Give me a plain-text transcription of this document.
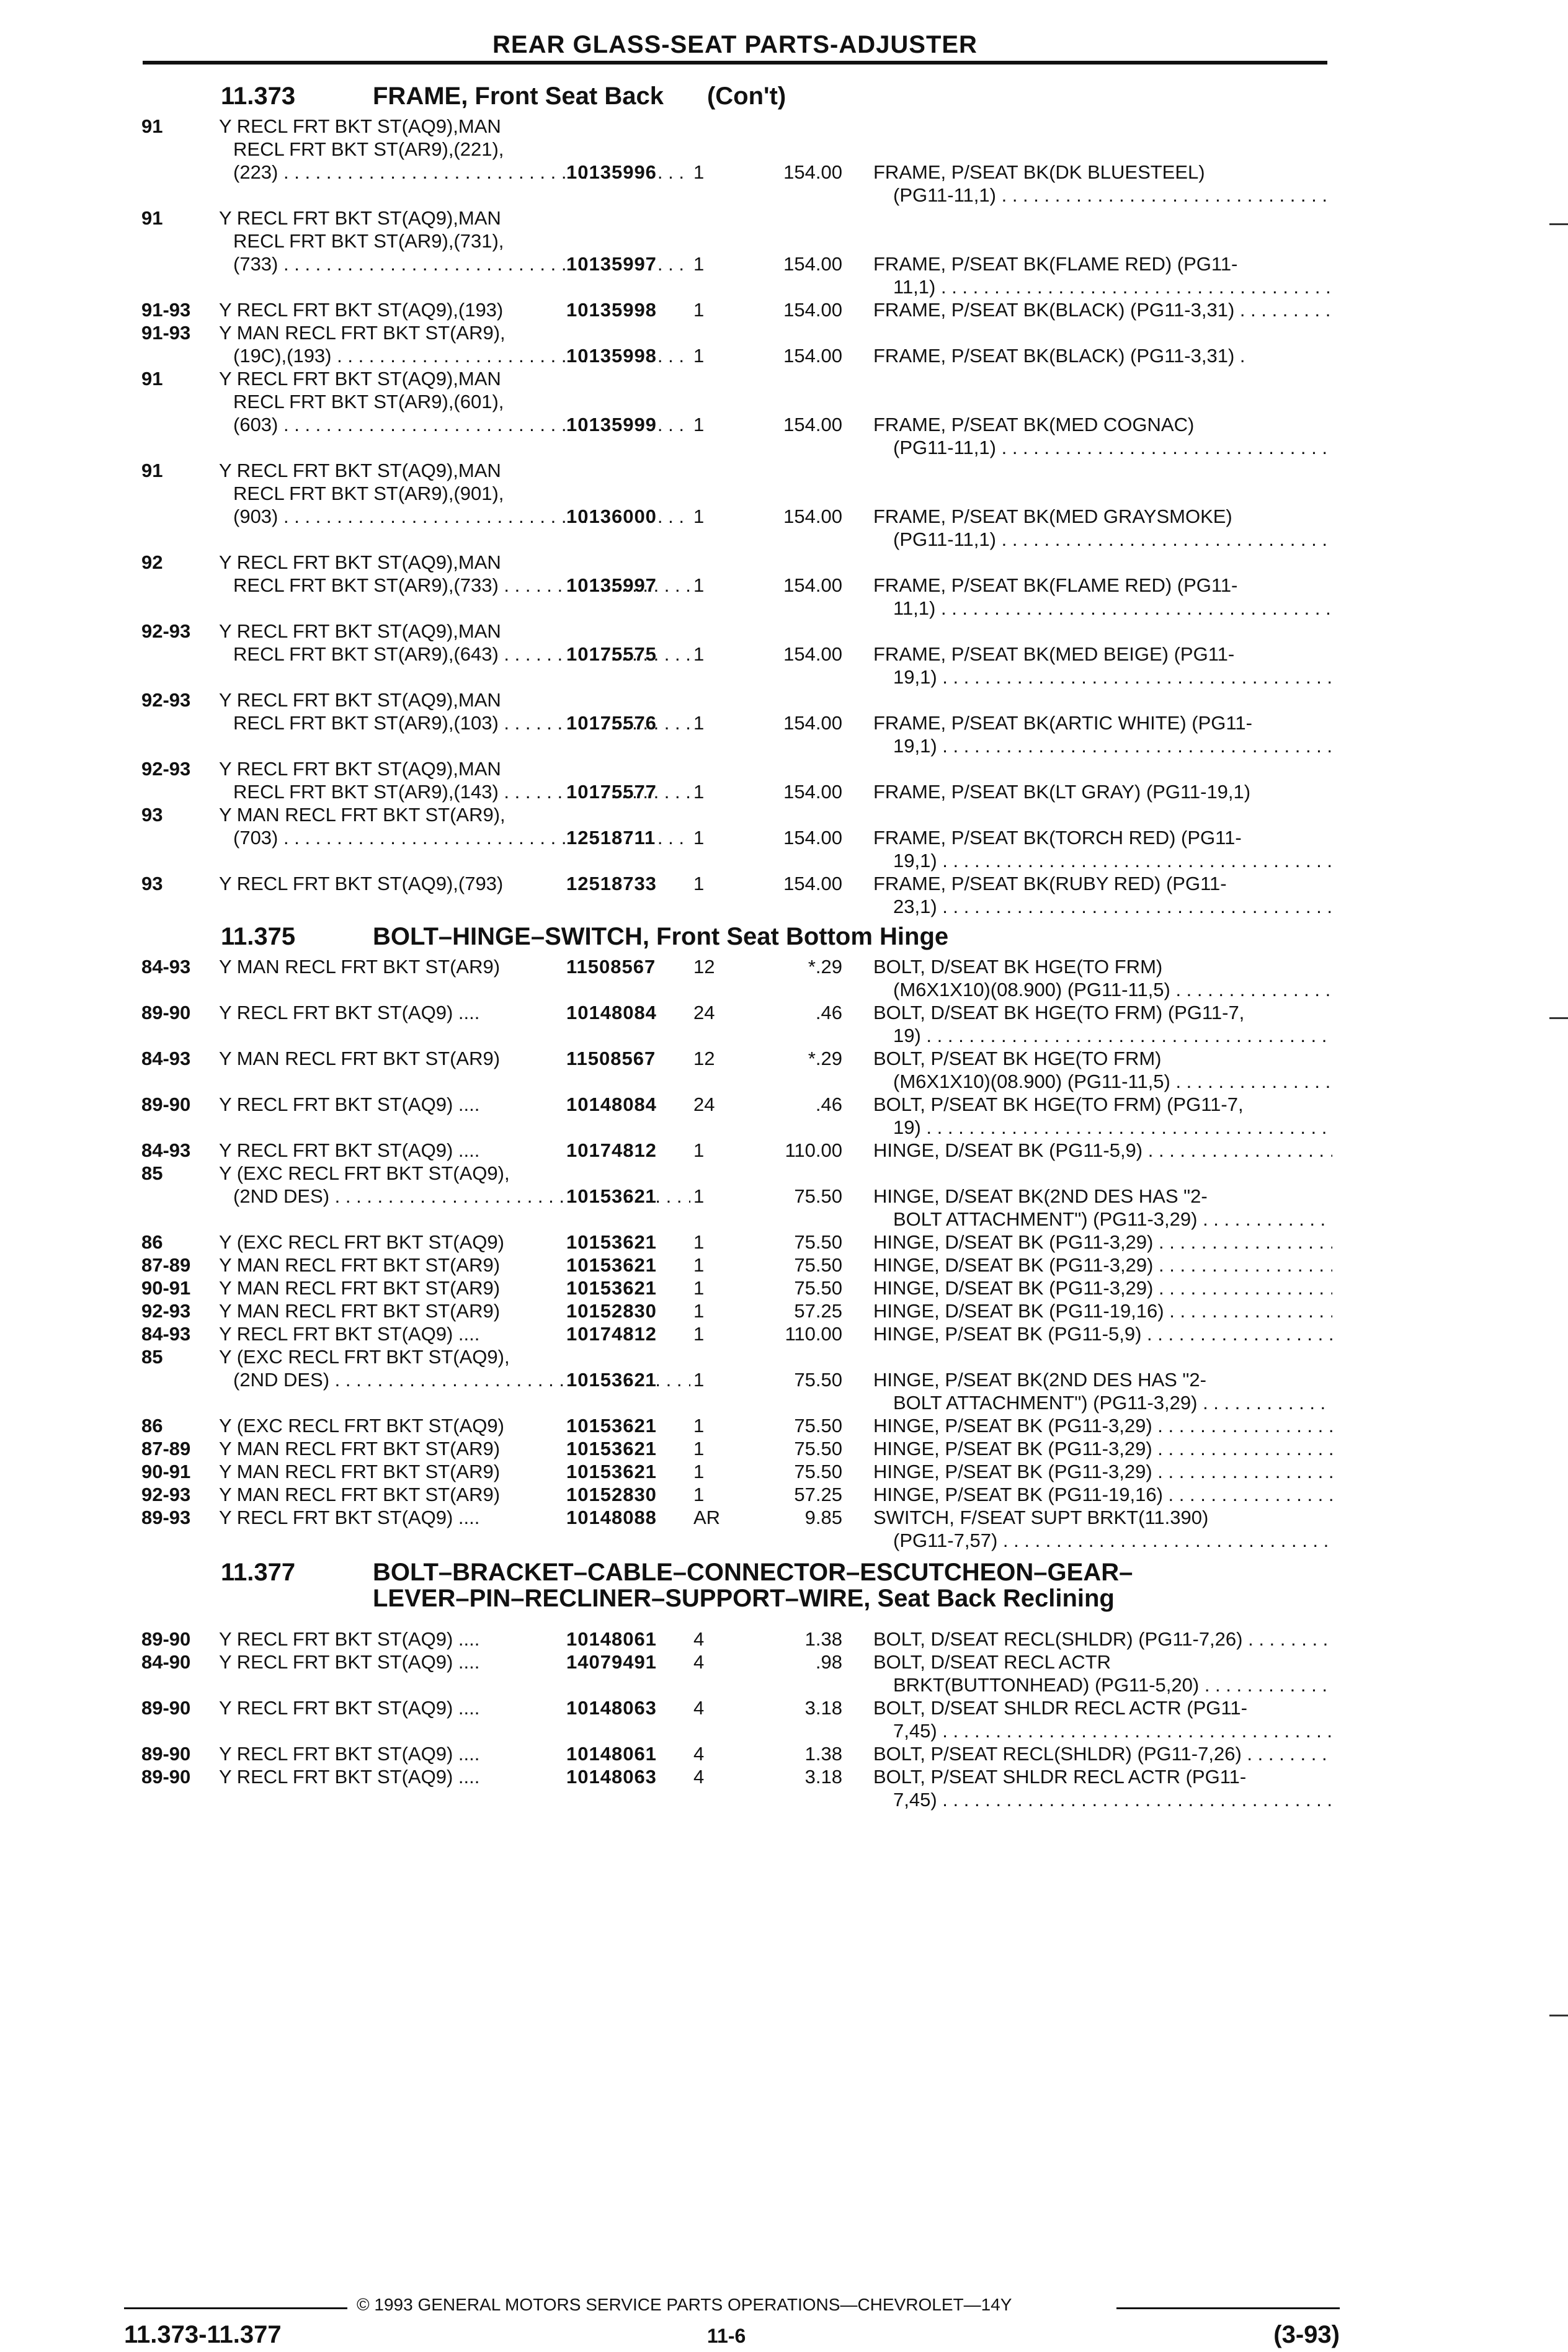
REAR GLASS-SEAT PARTS-ADJUSTER
11.373	FRAME, Front Seat Back (Con't)
91	Y RECL FRT BKT ST(AQ9),MAN
RECL FRT BKT ST(AR9),(221),
(223) . . .	10135996 1	154.00 FRAME, P/SEAT BK(DK BLUESTEEL)
(PG11-11,1) . . .
91	Y RECL FRT BKT ST(AQ9),MAN
RECL FRT BKT ST(AR9),(731),
(733) . . .	10135997 1	154.00 FRAME, P/SEAT BK(FLAME RED) (PG11-
11,1) . . .
91-93 Y RECL FRT BKT ST(AQ9),(193)	10135998 1	154.00 FRAME, P/SEAT BK(BLACK) (PG11-3,31) . . . .
91-93 Y MAN RECL FRT BKT ST(AR9),
(19C),(193) . . .	10135998 1	154.00 FRAME, P/SEAT BK(BLACK) (PG11-3,31) .
91	Y RECL FRT BKT ST(AQ9),MAN
RECL FRT BKT ST(AR9),(601),
(603) . . .	10135999 1	154.00 FRAME, P/SEAT BK(MED COGNAC)
(PG11-11,1) . . .
91	Y RECL FRT BKT ST(AQ9),MAN
RECL FRT BKT ST(AR9),(901),
(903) . . .	10136000 1	154.00 FRAME, P/SEAT BK(MED GRAYSMOKE)
(PG11-11,1) . . .
92	Y RECL FRT BKT ST(AQ9),MAN
RECL FRT BKT ST(AR9),(733) . . .	10135997 1	154.00 FRAME, P/SEAT BK(FLAME RED) (PG11-
11,1) . . .
92-93 Y RECL FRT BKT ST(AQ9),MAN
RECL FRT BKT ST(AR9),(643) . . .	10175575 1	154.00 FRAME, P/SEAT BK(MED BEIGE) (PG11-
19,1) . . .
92-93 Y RECL FRT BKT ST(AQ9),MAN
RECL FRT BKT ST(AR9),(103) . . .	10175576 1	154.00 FRAME, P/SEAT BK(ARTIC WHITE) (PG11-
19,1) . . .
92-93 Y RECL FRT BKT ST(AQ9),MAN
RECL FRT BKT ST(AR9),(143) . . .	10175577 1	154.00 FRAME, P/SEAT BK(LT GRAY) (PG11-19,1)
93	Y MAN RECL FRT BKT ST(AR9),
(703) . . .	12518711 1	154.00 FRAME, P/SEAT BK(TORCH RED) (PG11-
19,1) . . .
93	Y RECL FRT BKT ST(AQ9),(793)	12518733 1	154.00 FRAME, P/SEAT BK(RUBY RED) (PG11-
23,1) . . .
11.375	BOLT–HINGE–SWITCH, Front Seat Bottom Hinge
84-93 Y MAN RECL FRT BKT ST(AR9)	11508567 12	*.29 BOLT, D/SEAT BK HGE(TO FRM)
(M6X1X10)(08.900) (PG11-11,5) . . .
89-90 Y RECL FRT BKT ST(AQ9) ....	10148084 24	.46 BOLT, D/SEAT BK HGE(TO FRM) (PG11-7,
19) . . .
84-93 Y MAN RECL FRT BKT ST(AR9)	11508567 12	*.29 BOLT, P/SEAT BK HGE(TO FRM)
(M6X1X10)(08.900) (PG11-11,5) . . .
89-90 Y RECL FRT BKT ST(AQ9) ....	10148084 24	.46 BOLT, P/SEAT BK HGE(TO FRM) (PG11-7,
19) . . .
84-93 Y RECL FRT BKT ST(AQ9) ....	10174812 1	110.00 HINGE, D/SEAT BK (PG11-5,9) . . .
85	Y (EXC RECL FRT BKT ST(AQ9),
(2ND DES) . . .	10153621 1	75.50 HINGE, D/SEAT BK(2ND DES HAS "2-
BOLT ATTACHMENT") (PG11-3,29) . . .
86	Y (EXC RECL FRT BKT ST(AQ9)	10153621 1	75.50 HINGE, D/SEAT BK (PG11-3,29) . . .
87-89 Y MAN RECL FRT BKT ST(AR9)	10153621 1	75.50 HINGE, D/SEAT BK (PG11-3,29) . . .
90-91 Y MAN RECL FRT BKT ST(AR9)	10153621 1	75.50 HINGE, D/SEAT BK (PG11-3,29) . . .
92-93 Y MAN RECL FRT BKT ST(AR9)	10152830 1	57.25 HINGE, D/SEAT BK (PG11-19,16) . . .
84-93 Y RECL FRT BKT ST(AQ9) ....	10174812 1	110.00 HINGE, P/SEAT BK (PG11-5,9) . . .
85	Y (EXC RECL FRT BKT ST(AQ9),
(2ND DES) . . .	10153621 1	75.50 HINGE, P/SEAT BK(2ND DES HAS "2-
BOLT ATTACHMENT") (PG11-3,29) . . .
86	Y (EXC RECL FRT BKT ST(AQ9)	10153621 1	75.50 HINGE, P/SEAT BK (PG11-3,29) . . .
87-89 Y MAN RECL FRT BKT ST(AR9)	10153621 1	75.50 HINGE, P/SEAT BK (PG11-3,29) . . .
90-91 Y MAN RECL FRT BKT ST(AR9)	10153621 1	75.50 HINGE, P/SEAT BK (PG11-3,29) . . .
92-93 Y MAN RECL FRT BKT ST(AR9)	10152830 1	57.25 HINGE, P/SEAT BK (PG11-19,16) . . .
89-93 Y RECL FRT BKT ST(AQ9) ....	10148088 AR	9.85 SWITCH, F/SEAT SUPT BRKT(11.390)
(PG11-7,57) . . .
11.377	BOLT–BRACKET–CABLE–CONNECTOR–ESCUTCHEON–GEAR–
LEVER–PIN–RECLINER–SUPPORT–WIRE, Seat Back Reclining
89-90 Y RECL FRT BKT ST(AQ9) ....	10148061 4	1.38 BOLT, D/SEAT RECL(SHLDR) (PG11-7,26) . . .
84-90 Y RECL FRT BKT ST(AQ9) ....	14079491 4	.98 BOLT, D/SEAT RECL ACTR
BRKT(BUTTONHEAD) (PG11-5,20) . . .
89-90 Y RECL FRT BKT ST(AQ9) ....	10148063 4	3.18 BOLT, D/SEAT SHLDR RECL ACTR (PG11-
7,45) . . .
89-90 Y RECL FRT BKT ST(AQ9) ....	10148061 4	1.38 BOLT, P/SEAT RECL(SHLDR) (PG11-7,26) . . .
89-90 Y RECL FRT BKT ST(AQ9) ....	10148063 4	3.18 BOLT, P/SEAT SHLDR RECL ACTR (PG11-
7,45) . . .
© 1993 GENERAL MOTORS SERVICE PARTS OPERATIONS—CHEVROLET—14Y
11.373-11.377	11-6	(3-93)
